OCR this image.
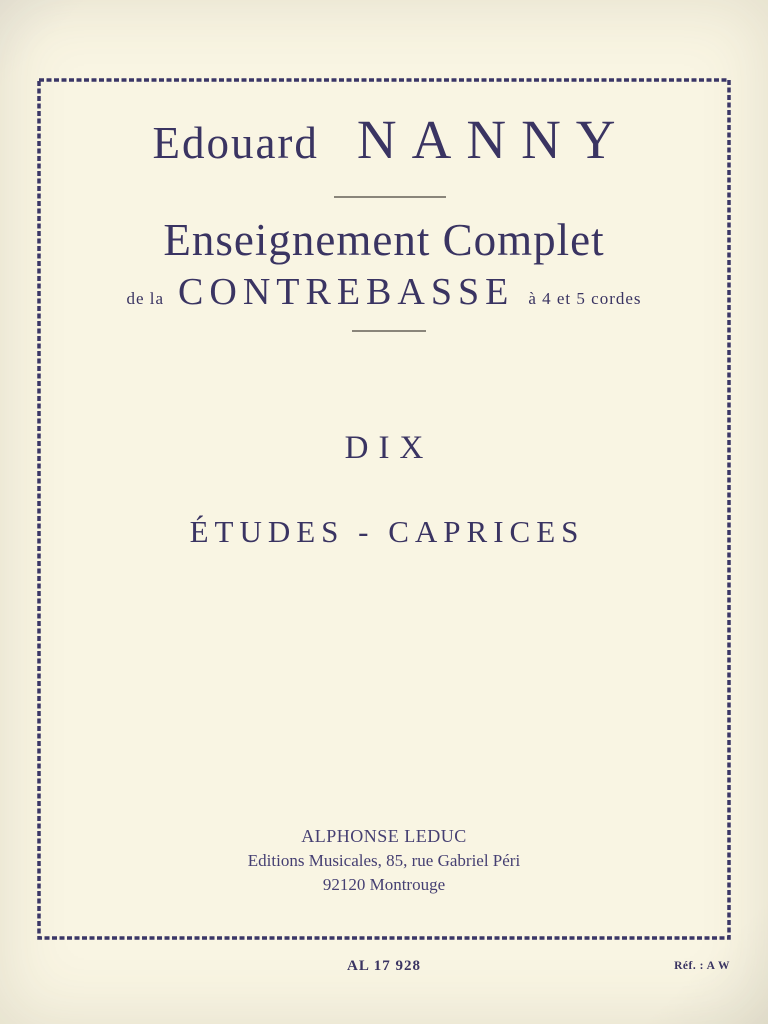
Edouard NANNY
Enseignement Complet
de la CONTREBASSE à 4 et 5 cordes
DIX
ÉTUDES - CAPRICES
ALPHONSE LEDUC
Editions Musicales, 85, rue Gabriel Péri
92120 Montrouge
AL 17 928	Réf. : A W
